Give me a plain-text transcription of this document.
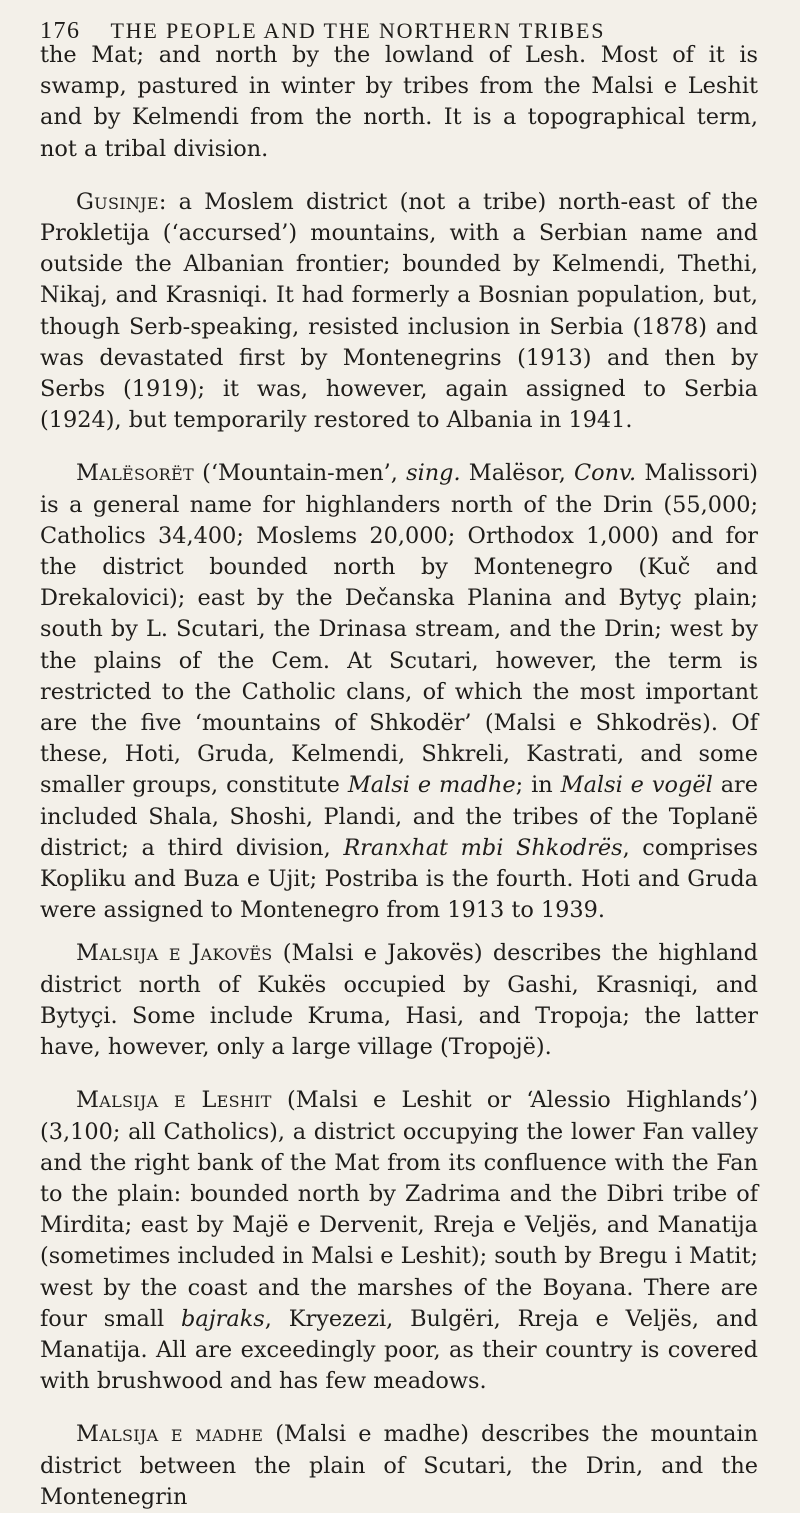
176 THE PEOPLE AND THE NORTHERN TRIBES

the Mat; and north by the lowland of Lesh. Most of it is swamp, pastured in winter by tribes from the Malsi e Leshit and by Kelmendi from the north. It is a topographical term, not a tribal division.

Gusinje: a Moslem district (not a tribe) north-east of the Prokletija (‘accursed’) mountains, with a Serbian name and outside the Albanian frontier; bounded by Kelmendi, Thethi, Nikaj, and Krasniqi. It had formerly a Bosnian population, but, though Serb-speaking, resisted inclusion in Serbia (1878) and was devastated first by Montenegrins (1913) and then by Serbs (1919); it was, however, again assigned to Serbia (1924), but temporarily restored to Albania in 1941.

Malësorët (‘Mountain-men’, sing. Malësor, Conv. Malissori) is a general name for highlanders north of the Drin (55,000; Catholics 34,400; Moslems 20,000; Orthodox 1,000) and for the district bounded north by Montenegro (Kuč and Drekalovici); east by the Dečanska Planina and Bytyç plain; south by L. Scutari, the Drinasa stream, and the Drin; west by the plains of the Cem. At Scutari, however, the term is restricted to the Catholic clans, of which the most important are the five ‘mountains of Shkodër’ (Malsi e Shkodrës). Of these, Hoti, Gruda, Kelmendi, Shkreli, Kastrati, and some smaller groups, constitute Malsi e madhe; in Malsi e vogël are included Shala, Shoshi, Plandi, and the tribes of the Toplanë district; a third division, Rranxhat mbi Shkodrës, comprises Kopliku and Buza e Ujit; Postriba is the fourth. Hoti and Gruda were assigned to Montenegro from 1913 to 1939.

Malsija e Jakovës (Malsi e Jakovës) describes the highland district north of Kukës occupied by Gashi, Krasniqi, and Bytyçi. Some include Kruma, Hasi, and Tropoja; the latter have, however, only a large village (Tropojë).

Malsija e Leshit (Malsi e Leshit or ‘Alessio Highlands’) (3,100; all Catholics), a district occupying the lower Fan valley and the right bank of the Mat from its confluence with the Fan to the plain: bounded north by Zadrima and the Dibri tribe of Mirdita; east by Majë e Dervenit, Rreja e Veljës, and Manatija (sometimes included in Malsi e Leshit); south by Bregu i Matit; west by the coast and the marshes of the Boyana. There are four small bajraks, Kryezezi, Bulgëri, Rreja e Veljës, and Manatija. All are exceedingly poor, as their country is covered with brushwood and has few meadows.

Malsija e madhe (Malsi e madhe) describes the mountain district between the plain of Scutari, the Drin, and the Montenegrin
